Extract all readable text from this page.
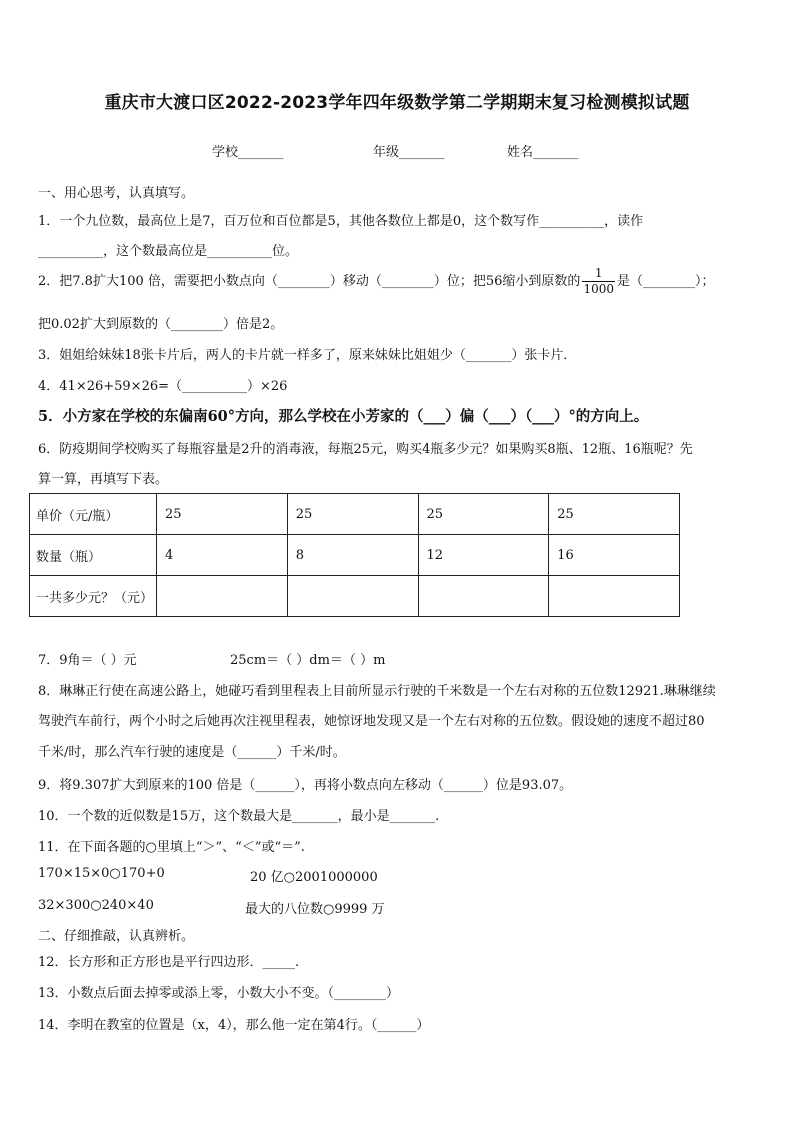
重庆市大渡口区2022-2023学年四年级数学第二学期期末复习检测模拟试题
学校_______	年级_______	姓名_______
一、用心思考，认真填写。
1．一个九位数，最高位上是7，百万位和百位都是5，其他各数位上都是0，这个数写作__________，读作
__________，这个数最高位是__________位。
2．把7.8扩大100 倍，需要把小数点向（________）移动（________）位；把56缩小到原数的 $\frac{1}{1000}$ 是（________）；
把0.02扩大到原数的（________）倍是2。
3．姐姐给妹妹18张卡片后，两人的卡片就一样多了，原来妹妹比姐姐少（_______）张卡片．
4．41×26+59×26=（__________）×26
5．小方家在学校的东偏南60°方向，那么学校在小芳家的（___）偏（___）（___）°的方向上。
6．防疫期间学校购买了每瓶容量是2升的消毒液，每瓶25元，购买4瓶多少元？如果购买8瓶、12瓶、16瓶呢？先
算一算，再填写下表。
单价（元/瓶）	25	25	25	25
数量（瓶）	4	8	12	16
一共多少元？（元）				
7．9角＝（ ）元	25cm＝（ ）dm＝（ ）m
8．琳琳正行使在高速公路上，她碰巧看到里程表上目前所显示行驶的千米数是一个左右对称的五位数12921.琳琳继续
驾驶汽车前行，两个小时之后她再次注视里程表，她惊讶地发现又是一个左右对称的五位数。假设她的速度不超过80
千米/时，那么汽车行驶的速度是（______）千米/时。
9．将9.307扩大到原来的100 倍是（______），再将小数点向左移动（______）位是93.07。
10．一个数的近似数是15万，这个数最大是_______，最小是_______.
11．在下面各题的○里填上“＞”、“＜”或“＝”.
170×15×0○170+0	20 亿○2001000000
32×300○240×40	最大的八位数○9999 万
二、仔细推敲，认真辨析。
12．长方形和正方形也是平行四边形．_____.
13．小数点后面去掉零或添上零，小数大小不变。（________）
14．李明在教室的位置是（x，4），那么他一定在第4行。（______）
